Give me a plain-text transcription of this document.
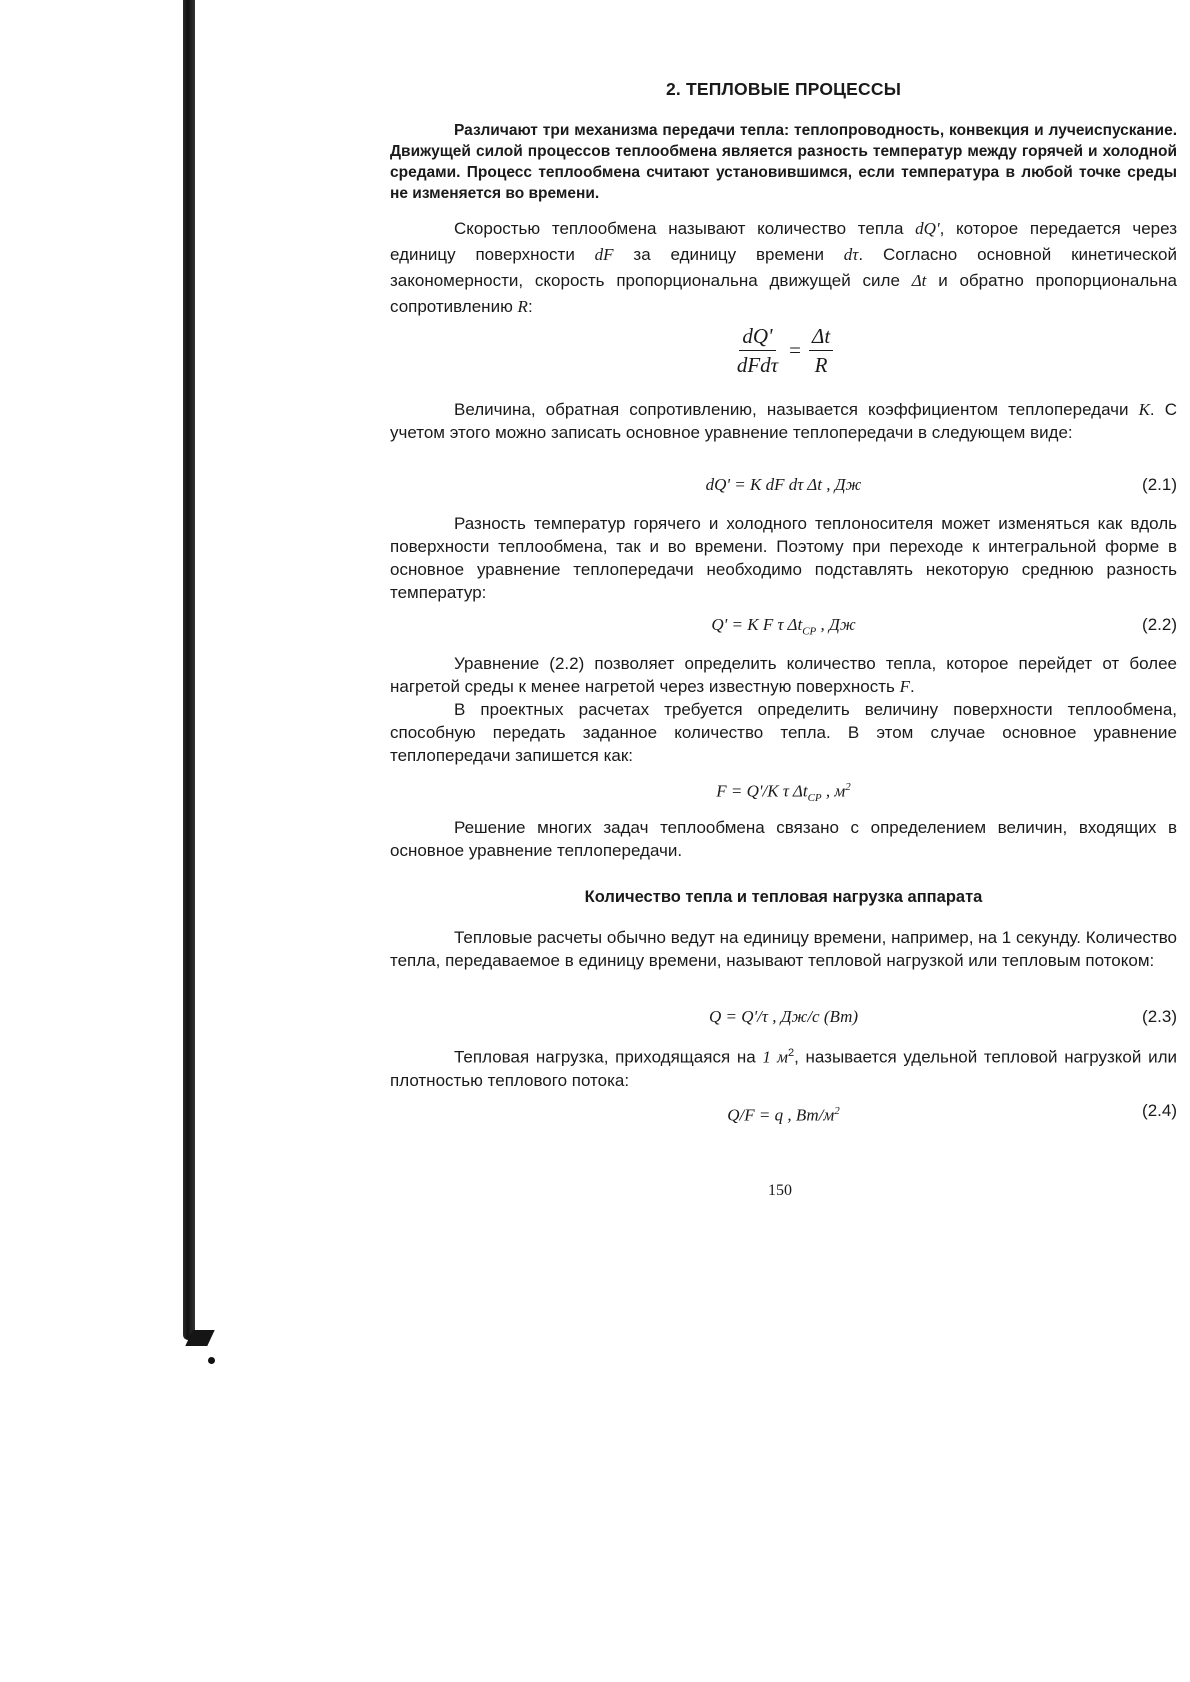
2. ТЕПЛОВЫЕ ПРОЦЕССЫ
Различают три механизма передачи тепла: теплопроводность, конвекция и лучеиспускание. Движущей силой процессов теплообмена является разность температур между горячей и холодной средами. Процесс теплообмена считают установившимся, если температура в любой точке среды не изменяется во времени.
Скоростью теплообмена называют количество тепла dQ', которое передается через единицу поверхности dF за единицу времени dτ. Согласно основной кинетической закономерности, скорость пропорциональна движущей силе Δt и обратно пропорциональна сопротивлению R:
dQ'
dFdτ
= $\frac{\Delta t}{R}$
Величина, обратная сопротивлению, называется коэффициентом теплопередачи K. С учетом этого можно записать основное уравнение теплопередачи в следующем виде:
dQ' = K dF dτ Δt , Дж	(2.1)
Разность температур горячего и холодного теплоносителя может изменяться как вдоль поверхности теплообмена, так и во времени. Поэтому при переходе к интегральной форме в основное уравнение теплопередачи необходимо подставлять некоторую среднюю разность температур:
Q' = K F τ $\Delta t_{СР}$ , Дж	(2.2)
Уравнение (2.2) позволяет определить количество тепла, которое перейдет от более нагретой среды к менее нагретой через известную поверхность F.
В проектных расчетах требуется определить величину поверхности теплообмена, способную передать заданное количество тепла. В этом случае основное уравнение теплопередачи запишется как:
F = Q'/K τ $\Delta t_{СР}$ , $м^2$
Решение многих задач теплообмена связано с определением величин, входящих в основное уравнение теплопередачи.
Количество тепла и тепловая нагрузка аппарата
Тепловые расчеты обычно ведут на единицу времени, например, на 1 секунду. Количество тепла, передаваемое в единицу времени, называют тепловой нагрузкой или тепловым потоком:
Q = Q'/τ , Дж/с (Вт)	(2.3)
Тепловая нагрузка, приходящаяся на 1 $м^2$, называется удельной тепловой нагрузкой или плотностью теплового потока:
Q/F = q , $Вт/м^2$	(2.4)
150
